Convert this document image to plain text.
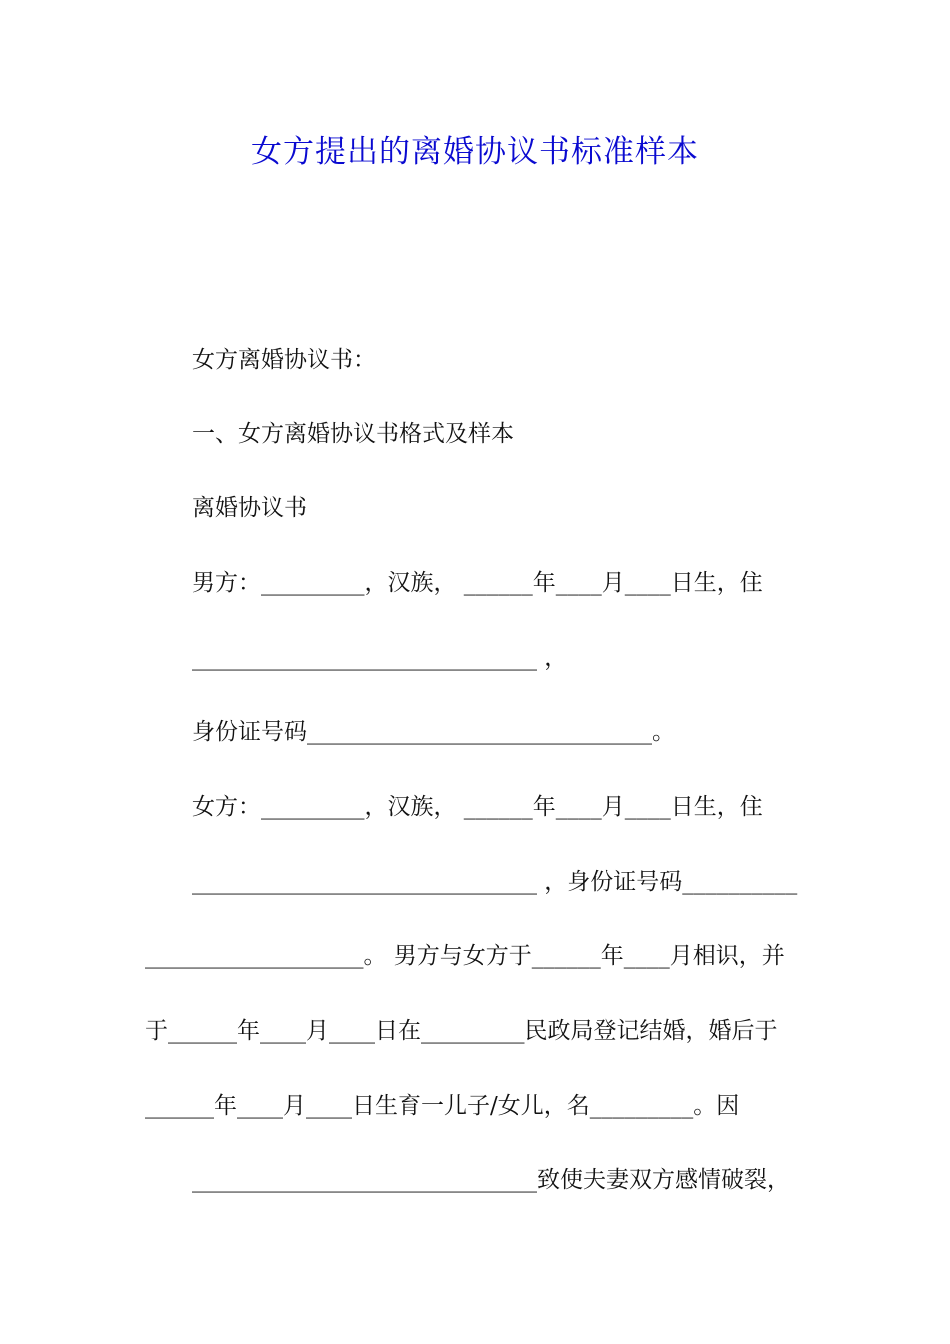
女方提出的离婚协议书标准样本
女方离婚协议书：
一、女方离婚协议书格式及样本
离婚协议书
男方：_________，汉族， ______年____月____日生，住
______________________________ ，
身份证号码______________________________。
女方：_________，汉族， ______年____月____日生，住
______________________________ ，身份证号码__________
___________________。 男方与女方于______年____月相识，并
于______年____月____日在_________民政局登记结婚，婚后于
______年____月____日生育一儿子/女儿，名_________。因
______________________________致使夫妻双方感情破裂，
